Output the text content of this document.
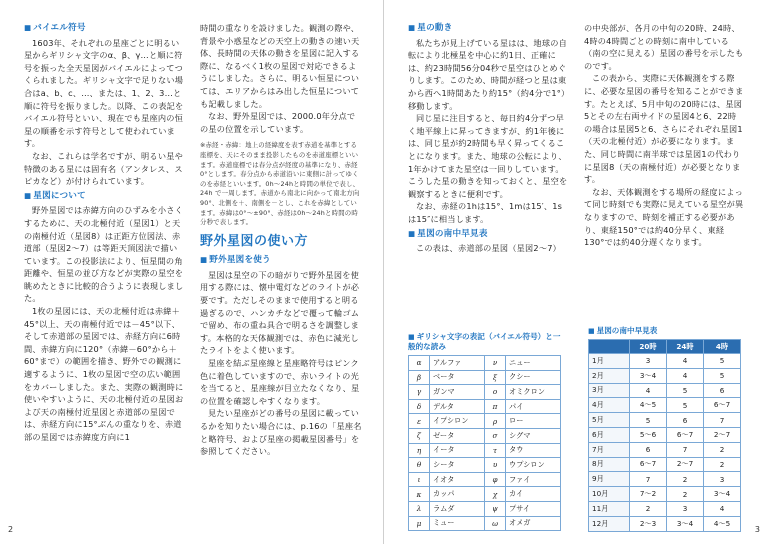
■ バイエル符号

1603年、それぞれの星座ごとに明るい星からギリシャ文字のα、β、γ…と順に符号を振った全天星図がバイエルによってつくられました。ギリシャ文字で足りない場合はa、b、c、…、または、1、2、3…と順に符号を振りました。以降、この表記をバイエル符号といい、現在でも星座内の恒星の順番を示す符号として使われています。

なお、これらは学名ですが、明るい星や特徴のある星には固有名（アンタレス、スピカなど）が付けられています。

■ 星図について

野外星図では赤緯方向のひずみを小さくするために、天の北極付近（星図1）と天の南極付近（星図8）は正距方位図法、赤道部（星図2～7）は等距天頂図法で描いています。この投影法により、恒星間の角距離や、恒星の並び方などが実際の星空を眺めたときに比較的合うように表現しました。

1枚の星図には、天の北極付近は赤緯＋45°以上、天の南極付近では－45°以下、そして赤道部の星図では、赤経方向に6時間、赤緯方向に120°（赤緯－60°から＋60°まで）の範囲を描き、野外での観測に適するように、1枚の星図で空の広い範囲をカバーしました。また、実際の観測時に使いやすいように、天の北極付近の星図および天の南極付近星図と赤道部の星図では、赤経方向に15°ぶんの重なりを、赤道部の星図では赤緯度方向に1

時間の重なりを設けました。観測の際や、背景や小惑星などの天空上の動きの速い天体、長時間の天体の動きを星図に記入する際に、なるべく1枚の星図で対応できるようにしました。さらに、明るい恒星については、エリアからはみ出した恒星についても記載しました。

なお、野外星図では、2000.0年分点での星の位置を示しています。

※赤経・赤緯：地上の経緯度を表す赤道を基準とする座標を、天にそのまま投影したものを赤道座標といいます。赤道座標では春分点が経度の基準になり、赤経0°とします。春分点から赤道沿いに東側に計ってゆくのを赤経といいます。0h～24hと時間の単位で表し、24h で一周します。赤道から南北に向かって南北方向90°、北側を＋、南側を－とし、これを赤緯としています。赤緯は0°～±90°、赤経は0h～24hと時間の時分秒で表します。
野外星図の使い方
■ 野外星図を使う

星図は星空の下の暗がりで野外星図を使用する際には、懐中電灯などのライトが必要です。ただしそのままで使用すると明る過ぎるので、ハンカチなどで覆って輪ゴムで留め、布の重ね具合で明るさを調整します。本格的な天体観測では、赤色に減光したライトをよく使います。

星座を結ぶ星座線と星座略符号はピンク色に着色していますので、赤いライトの光を当てると、星座線が目立たなくなり、星の位置を確認しやすくなります。

見たい星座がどの番号の星図に載っているかを知りたい場合には、p.16の「星座名と略符号、および星座の掲載星図番号」を参照してください。

2
■ 星の動き

私たちが見上げている星はは、地球の自転により北極星を中心に約1日、正確には、約23時間56分04秒で星空はひとめぐりします。このため、時間が経つと星は東から西へ1時間あたり約15°（約4分で1°）移動します。

同じ星に注目すると、毎日約4分ずつ早く地平線上に昇ってきますが、約1年後には、同じ星が約2時間も早く昇ってくることになります。また、地球の公転により、1年かけてまた星空は一回りしています。こうした星の動きを知っておくと、星空を観察するときに便利です。

なお、赤経の1hは15°、1mは15′、1sは15″に相当します。

■ 星図の南中早見表

この表は、赤道部の星図（星図2～7）

の中央部が、各月の中旬の20時、24時、4時の4時間ごとの時刻に南中している（南の空に見える）星図の番号を示したものです。

この表から、実際に天体観測をする際に、必要な星図の番号を知ることができます。たとえば、5月中旬の20時には、星図5とその左右両サイドの星図4と6、22時の場合は星図5と6、さらにそれぞれ星図1（天の北極付近）が必要になります。また、同じ時間に南半球では星図1の代わりに星図8（天の南極付近）が必要となります。

なお、天体観測をする場所の経度によって同じ時刻でも実際に見えている星空が異なりますので、時刻を補正する必要があり、東経150°では約40分早く、東経130°では約40分遅くなります。

■ ギリシャ文字の表記（バイエル符号）と一般的な読み
α	アルファ	ν	ニュー
β	ベータ	ξ	クシー
γ	ガンマ	ο	オミクロン
δ	デルタ	π	パイ
ε	イプシロン	ρ	ロー
ζ	ゼータ	σ	シグマ
η	イータ	τ	タウ
θ	シータ	υ	ウプシロン
ι	イオタ	φ	ファイ
κ	カッパ	χ	カイ
λ	ラムダ	ψ	プサイ
μ	ミュー	ω	オメガ
■ 星図の南中早見表
	20時	24時	4時
1月	3	4	5
2月	3～4	4	5
3月	4	5	6
4月	4～5	5	6～7
5月	5	6	7
6月	5～6	6～7	2～7
7月	6	7	2
8月	6～7	2～7	2
9月	7	2	3
10月	7～2	2	3～4
11月	2	3	4
12月	2～3	3～4	4～5
3
